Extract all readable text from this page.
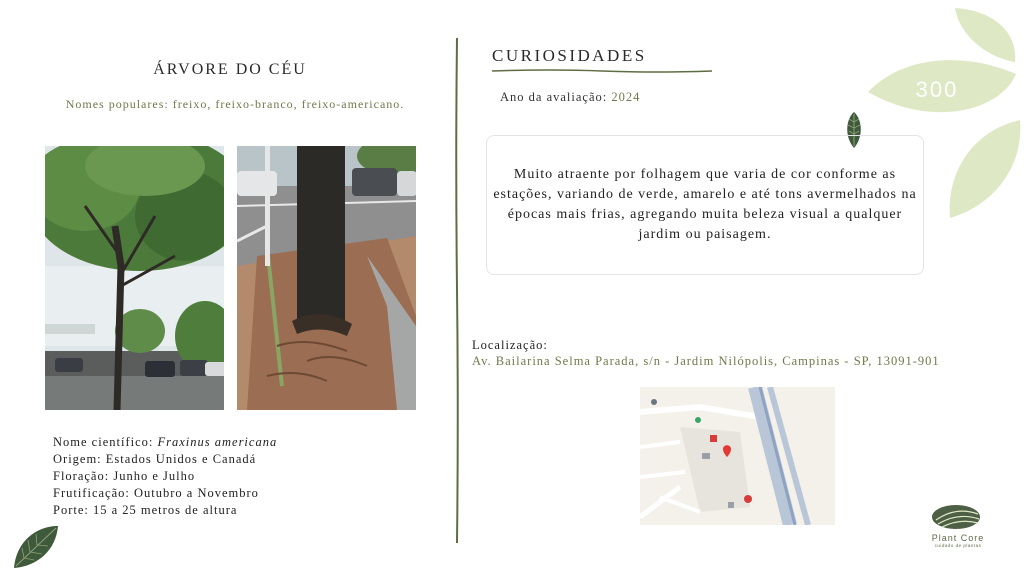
300
ÁRVORE DO CÉU
Nomes populares: freixo, freixo-branco, freixo-americano.
Nome científico: Fraxinus americana
Origem: Estados Unidos e Canadá
Floração: Junho e Julho
Frutificação: Outubro a Novembro
Porte: 15 a 25 metros de altura
CURIOSIDADES
Ano da avaliação: 2024
Muito atraente por folhagem que varia de cor conforme as estações, variando de verde, amarelo e até tons avermelhados na épocas mais frias, agregando muita beleza visual a qualquer jardim ou paisagem.
Localização:
Av. Bailarina Selma Parada, s/n - Jardim Nilópolis, Campinas - SP, 13091-901
Plant Core
cuidado de plantas
